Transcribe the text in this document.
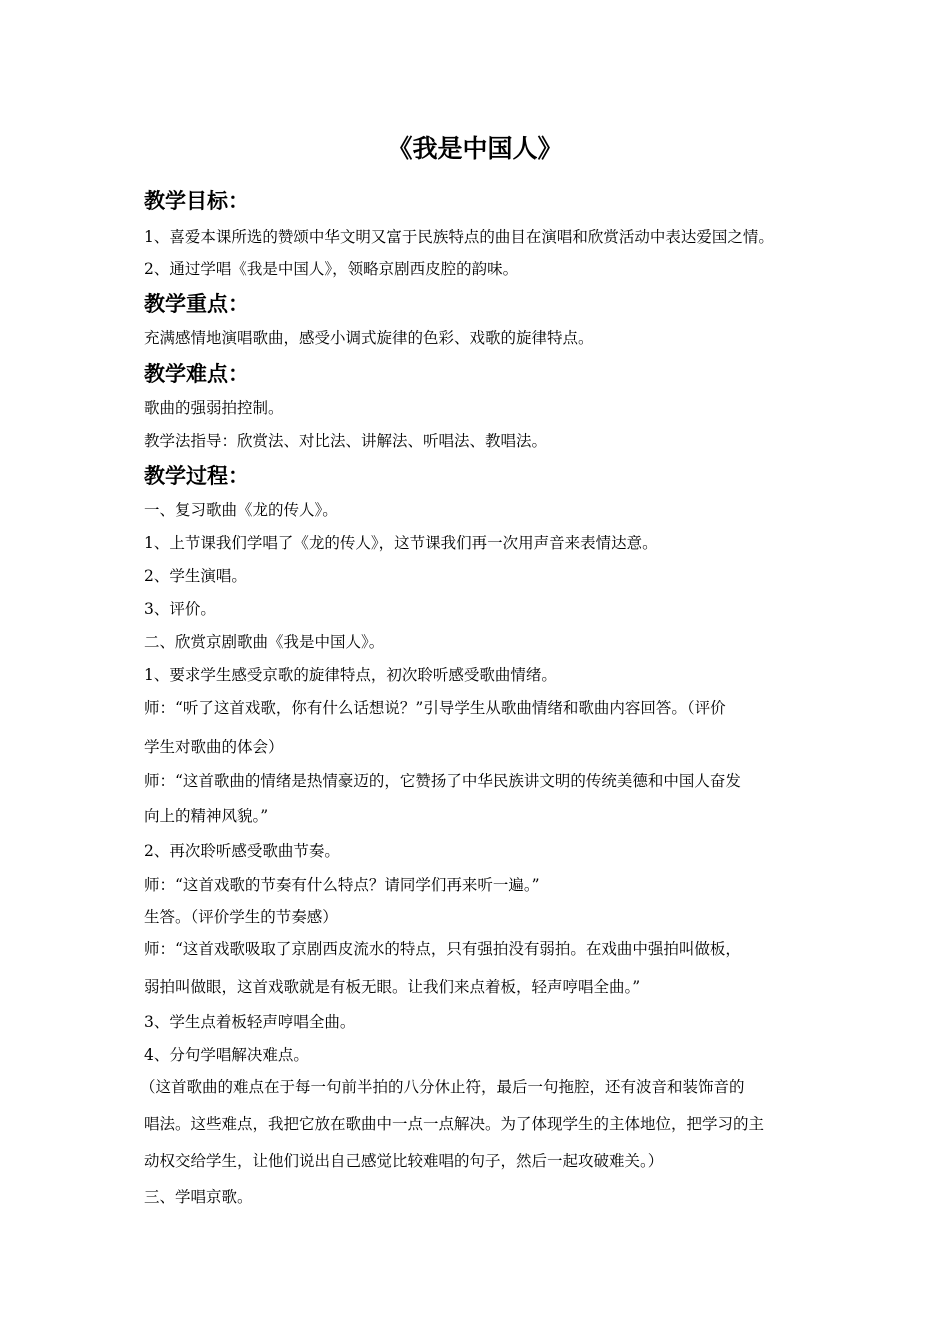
《我是中国人》
教学目标：
1、喜爱本课所选的赞颂中华文明又富于民族特点的曲目在演唱和欣赏活动中表达爱国之情。
2、通过学唱《我是中国人》，领略京剧西皮腔的韵味。
教学重点：
充满感情地演唱歌曲，感受小调式旋律的色彩、戏歌的旋律特点。
教学难点：
歌曲的强弱拍控制。
教学法指导：欣赏法、对比法、讲解法、听唱法、教唱法。
教学过程：
一、复习歌曲《龙的传人》。
1、上节课我们学唱了《龙的传人》，这节课我们再一次用声音来表情达意。
2、学生演唱。
3、评价。
二、欣赏京剧歌曲《我是中国人》。
1、要求学生感受京歌的旋律特点，初次聆听感受歌曲情绪。
师：“听了这首戏歌，你有什么话想说？”引导学生从歌曲情绪和歌曲内容回答。（评价
学生对歌曲的体会）
师：“这首歌曲的情绪是热情豪迈的，它赞扬了中华民族讲文明的传统美德和中国人奋发
向上的精神风貌。”
2、再次聆听感受歌曲节奏。
师：“这首戏歌的节奏有什么特点？请同学们再来听一遍。”
生答。（评价学生的节奏感）
师：“这首戏歌吸取了京剧西皮流水的特点，只有强拍没有弱拍。在戏曲中强拍叫做板，
弱拍叫做眼，这首戏歌就是有板无眼。让我们来点着板，轻声哼唱全曲。”
3、学生点着板轻声哼唱全曲。
4、分句学唱解决难点。
（这首歌曲的难点在于每一句前半拍的八分休止符，最后一句拖腔，还有波音和装饰音的
唱法。这些难点，我把它放在歌曲中一点一点解决。为了体现学生的主体地位，把学习的主
动权交给学生，让他们说出自己感觉比较难唱的句子，然后一起攻破难关。）
三、学唱京歌。
